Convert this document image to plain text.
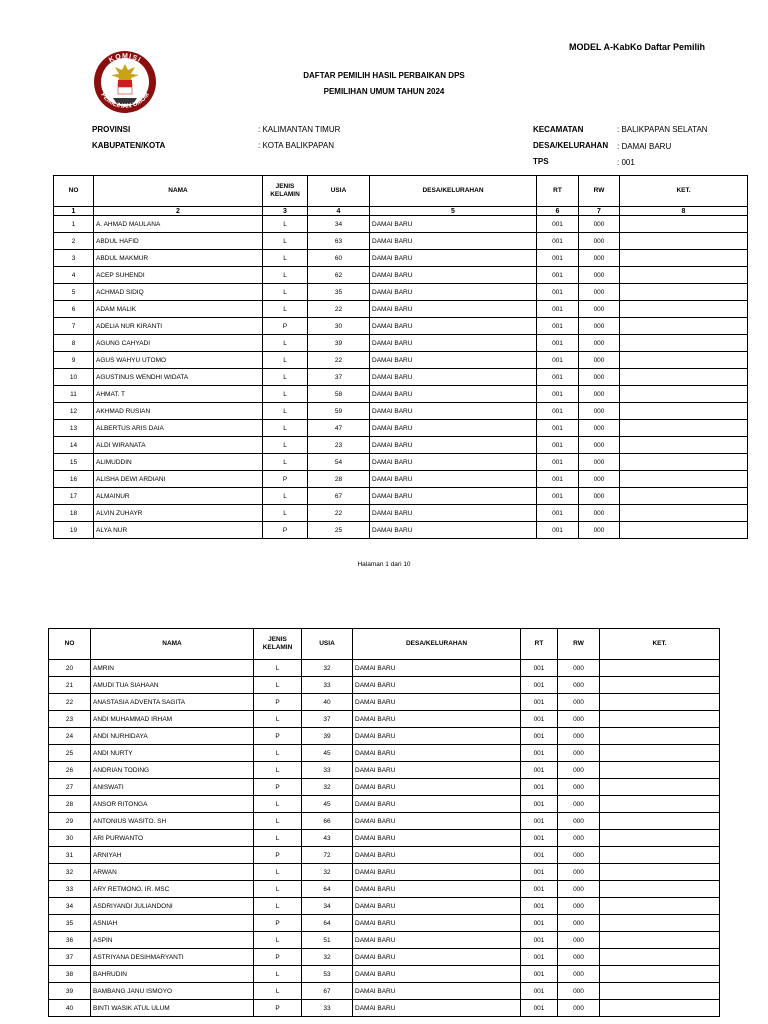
MODEL A-KabKo Daftar Pemilih
KOMISI
PEMILIHAN UMUM
DAFTAR PEMILIH HASIL PERBAIKAN DPS
PEMILIHAN UMUM TAHUN 2024
PROVINSI	: KALIMANTAN TIMUR
KABUPATEN/KOTA	: KOTA BALIKPAPAN
KECAMATAN	: BALIKPAPAN SELATAN
DESA/KELURAHAN : DAMAI BARU
TPS	: 001
NO	NAMA	JENIS KELAMIN	USIA	DESA/KELURAHAN	RT	RW	KET.
1	2	3	4	5	6	7	8
1	A. AHMAD MAULANA	L	34	DAMAI BARU	001	000	
2	ABDUL HAFID	L	63	DAMAI BARU	001	000	
3	ABDUL MAKMUR	L	60	DAMAI BARU	001	000	
4	ACEP SUHENDI	L	62	DAMAI BARU	001	000	
5	ACHMAD SIDIQ	L	35	DAMAI BARU	001	000	
6	ADAM MALIK	L	22	DAMAI BARU	001	000	
7	ADELIA NUR KIRANTI	P	30	DAMAI BARU	001	000	
8	AGUNG CAHYADI	L	39	DAMAI BARU	001	000	
9	AGUS WAHYU UTOMO	L	22	DAMAI BARU	001	000	
10	AGUSTINUS WENDHI WIDATA	L	37	DAMAI BARU	001	000	
11	AHMAT. T	L	58	DAMAI BARU	001	000	
12	AKHMAD RUSIAN	L	59	DAMAI BARU	001	000	
13	ALBERTUS ARIS DAIA	L	47	DAMAI BARU	001	000	
14	ALDI WIRANATA	L	23	DAMAI BARU	001	000	
15	ALIMUDDIN	L	54	DAMAI BARU	001	000	
16	ALISHA DEWI ARDIANI	P	28	DAMAI BARU	001	000	
17	ALMAINUR	L	67	DAMAI BARU	001	000	
18	ALVIN ZUHAYR	L	22	DAMAI BARU	001	000	
19	ALYA NUR	P	25	DAMAI BARU	001	000	
Halaman 1 dari 10
NO	NAMA	JENIS KELAMIN	USIA	DESA/KELURAHAN	RT	RW	KET.
20	AMRIN	L	32	DAMAI BARU	001	000	
21	AMUDI TUA SIAHAAN	L	33	DAMAI BARU	001	000	
22	ANASTASIA ADVENTA SAGITA	P	40	DAMAI BARU	001	000	
23	ANDI MUHAMMAD IRHAM	L	37	DAMAI BARU	001	000	
24	ANDI NURHIDAYA	P	39	DAMAI BARU	001	000	
25	ANDI NURTY	L	45	DAMAI BARU	001	000	
26	ANDRIAN TODING	L	33	DAMAI BARU	001	000	
27	ANISWATI	P	32	DAMAI BARU	001	000	
28	ANSOR RITONGA	L	45	DAMAI BARU	001	000	
29	ANTONIUS WASITO. SH	L	66	DAMAI BARU	001	000	
30	ARI PURWANTO	L	43	DAMAI BARU	001	000	
31	ARNIYAH	P	72	DAMAI BARU	001	000	
32	ARWAN	L	32	DAMAI BARU	001	000	
33	ARY RETMONO. IR. MSC	L	64	DAMAI BARU	001	000	
34	ASDRIYANDI JULIANDONI	L	34	DAMAI BARU	001	000	
35	ASNIAH	P	64	DAMAI BARU	001	000	
36	ASPIN	L	51	DAMAI BARU	001	000	
37	ASTRIYANA DESIHMARYANTI	P	32	DAMAI BARU	001	000	
38	BAHRUDIN	L	53	DAMAI BARU	001	000	
39	BAMBANG JANU ISMOYO	L	67	DAMAI BARU	001	000	
40	BINTI WASIK ATUL ULUM	P	33	DAMAI BARU	001	000	
